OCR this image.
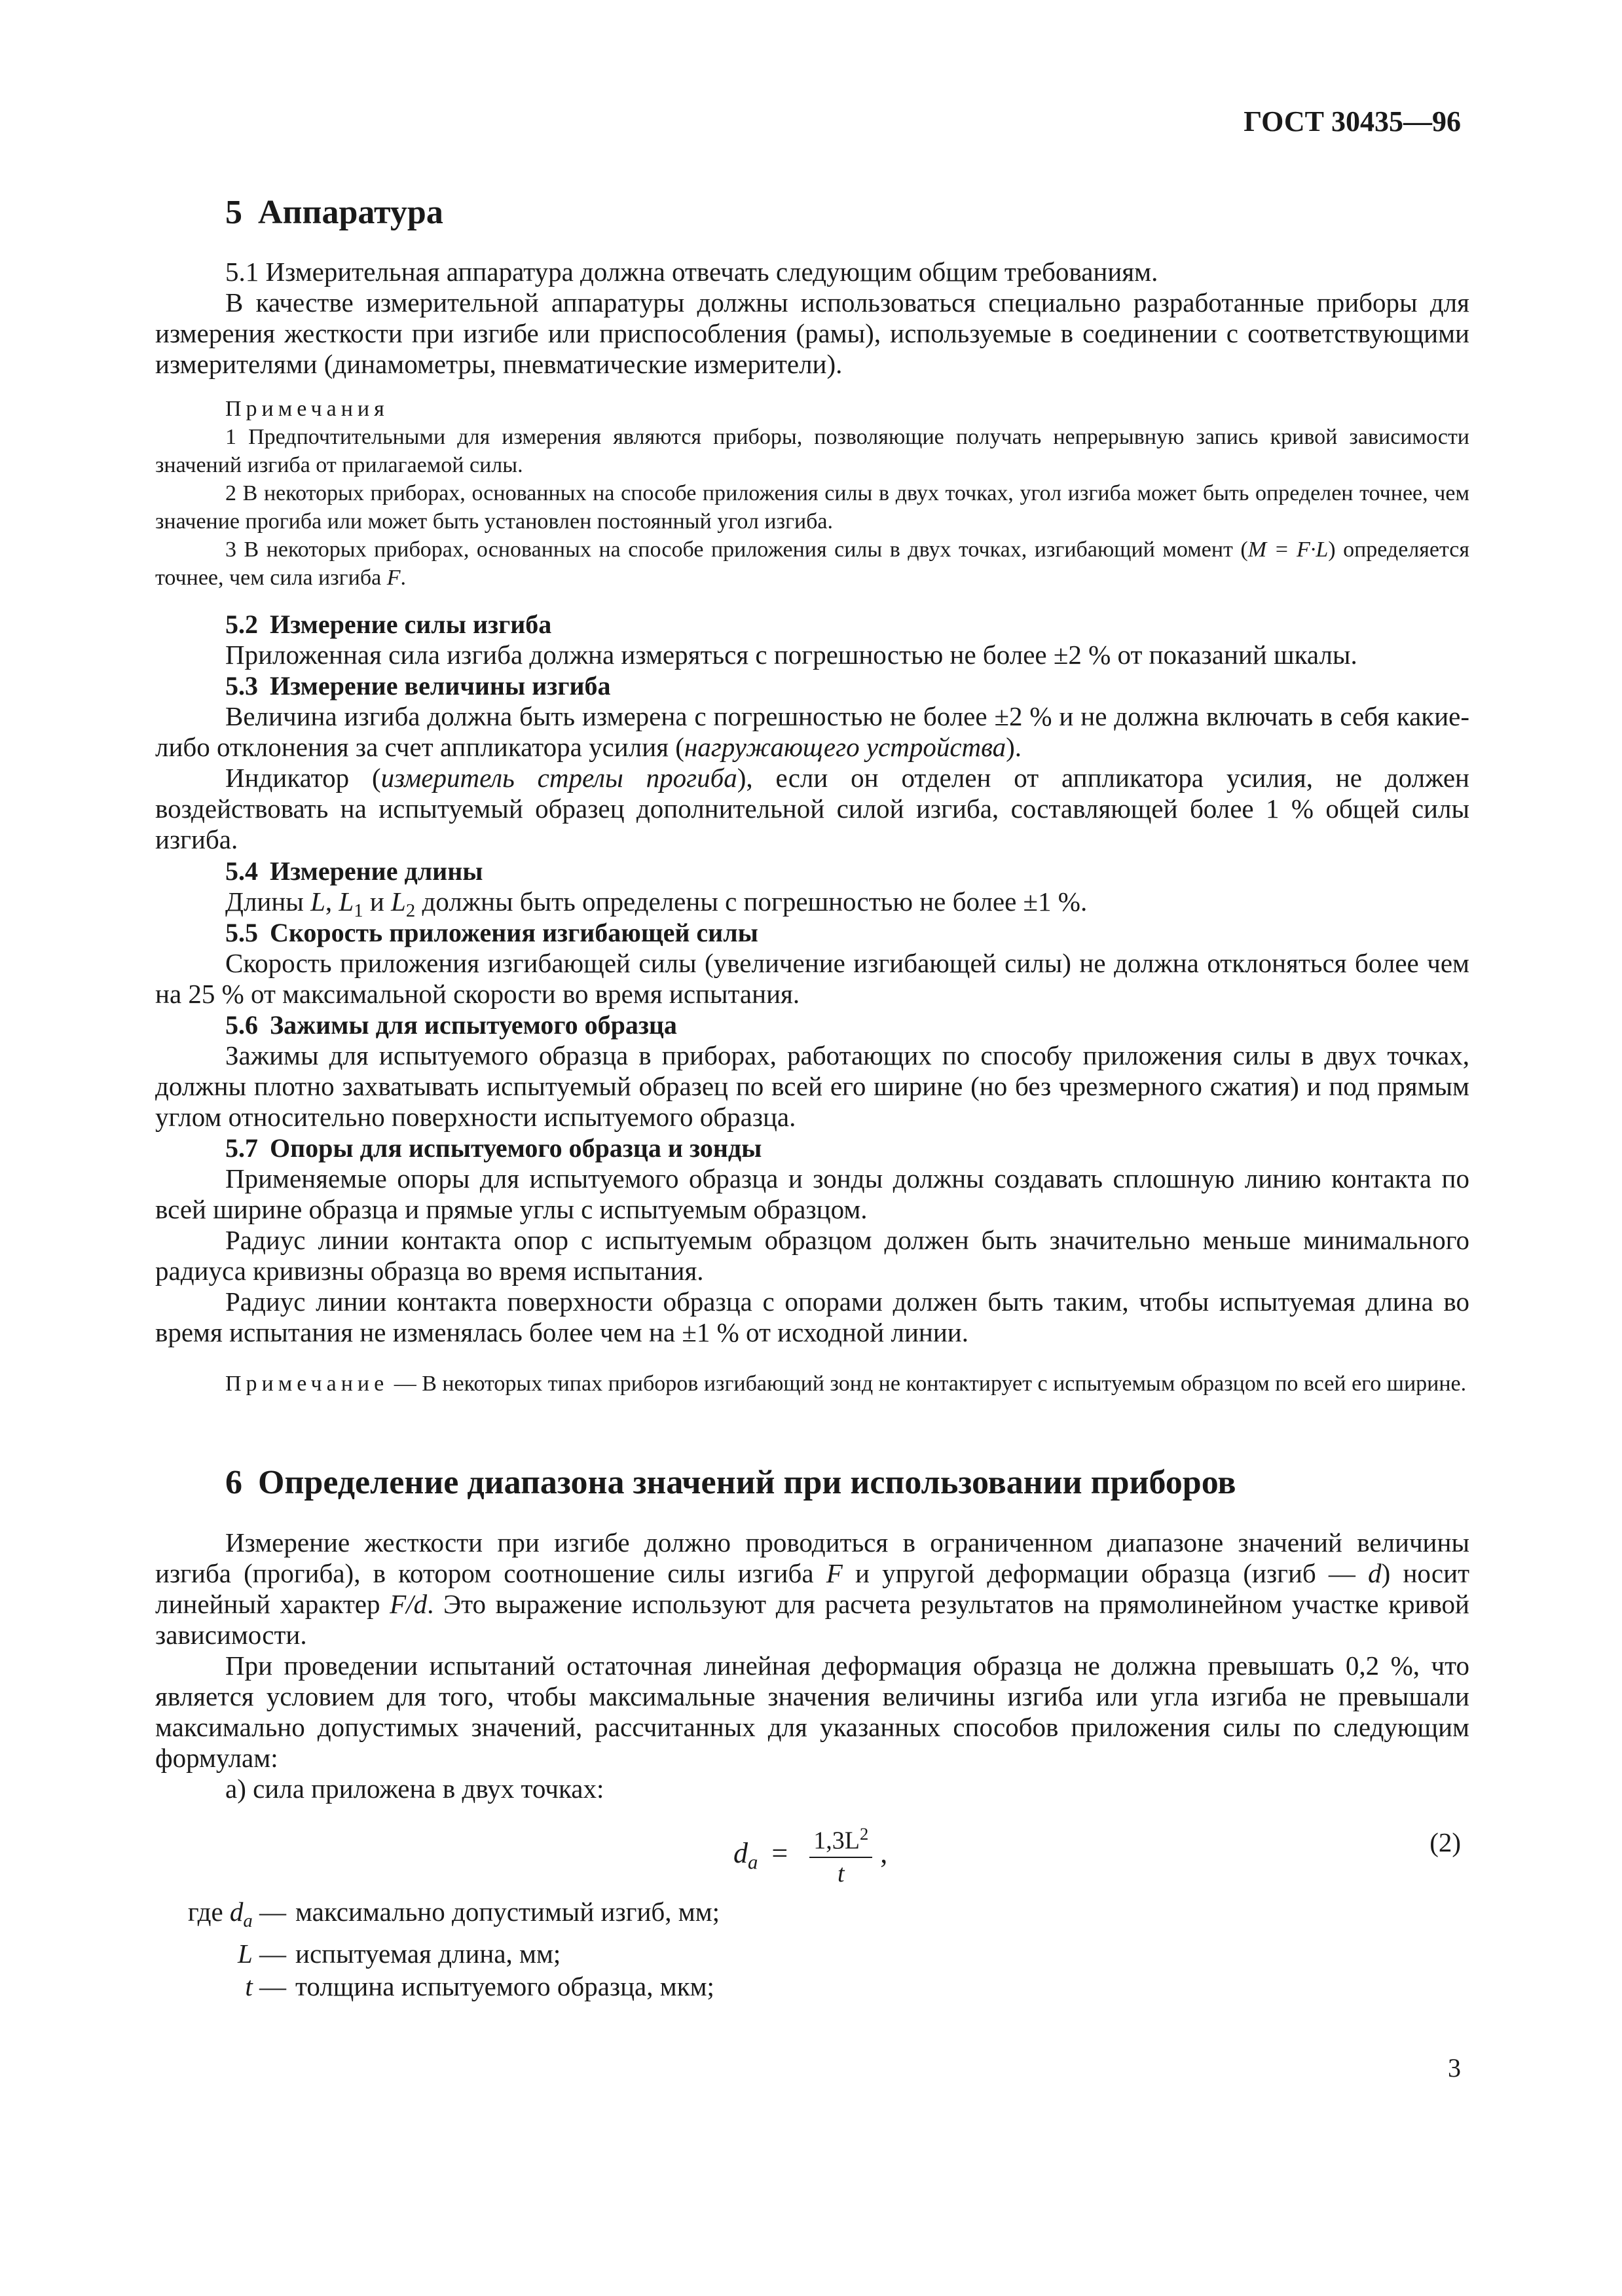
ГОСТ 30435—96
5 Аппаратура

5.1 Измерительная аппаратура должна отвечать следующим общим требованиям.

В качестве измерительной аппаратуры должны использоваться специально разработанные приборы для измерения жесткости при изгибе или приспособления (рамы), используемые в соединении с соответствующими измерителями (динамометры, пневматические измерители).

Примечания

1 Предпочтительными для измерения являются приборы, позволяющие получать непрерывную запись кривой зависимости значений изгиба от прилагаемой силы.

2 В некоторых приборах, основанных на способе приложения силы в двух точках, угол изгиба может быть определен точнее, чем значение прогиба или может быть установлен постоянный угол изгиба.

3 В некоторых приборах, основанных на способе приложения силы в двух точках, изгибающий момент (M = F·L) определяется точнее, чем сила изгиба F.

5.2 Измерение силы изгиба

Приложенная сила изгиба должна измеряться с погрешностью не более ±2 % от показаний шкалы.

5.3 Измерение величины изгиба

Величина изгиба должна быть измерена с погрешностью не более ±2 % и не должна включать в себя какие-либо отклонения за счет аппликатора усилия (нагружающего устройства).

Индикатор (измеритель стрелы прогиба), если он отделен от аппликатора усилия, не должен воздействовать на испытуемый образец дополнительной силой изгиба, составляющей более 1 % общей силы изгиба.

5.4 Измерение длины

Длины L, $L_1$ и $L_2$ должны быть определены с погрешностью не более ±1 %.

5.5 Скорость приложения изгибающей силы

Скорость приложения изгибающей силы (увеличение изгибающей силы) не должна отклоняться более чем на 25 % от максимальной скорости во время испытания.

5.6 Зажимы для испытуемого образца

Зажимы для испытуемого образца в приборах, работающих по способу приложения силы в двух точках, должны плотно захватывать испытуемый образец по всей его ширине (но без чрезмерного сжатия) и под прямым углом относительно поверхности испытуемого образца.

5.7 Опоры для испытуемого образца и зонды

Применяемые опоры для испытуемого образца и зонды должны создавать сплошную линию контакта по всей ширине образца и прямые углы с испытуемым образцом.

Радиус линии контакта опор с испытуемым образцом должен быть значительно меньше минимального радиуса кривизны образца во время испытания.

Радиус линии контакта поверхности образца с опорами должен быть таким, чтобы испытуемая длина во время испытания не изменялась более чем на ±1 % от исходной линии.

Примечание — В некоторых типах приборов изгибающий зонд не контактирует с испытуемым образцом по всей его ширине.

6 Определение диапазона значений при использовании приборов

Измерение жесткости при изгибе должно проводиться в ограниченном диапазоне значений величины изгиба (прогиба), в котором соотношение силы изгиба F и упругой деформации образца (изгиб — d) носит линейный характер F/d. Это выражение используют для расчета результатов на прямолинейном участке кривой зависимости.

При проведении испытаний остаточная линейная деформация образца не должна превышать 0,2 %, что является условием для того, чтобы максимальные значения величины изгиба или угла изгиба не превышали максимально допустимых значений, рассчитанных для указанных способов приложения силы по следующим формулам:

а) сила приложена в двух точках:

$d_a = \frac{1,3L^2}{t}$ ,	(2)
где $d_a$ — максимально допустимый изгиб, мм;
L — испытуемая длина, мм;
t — толщина испытуемого образца, мкм;
3
